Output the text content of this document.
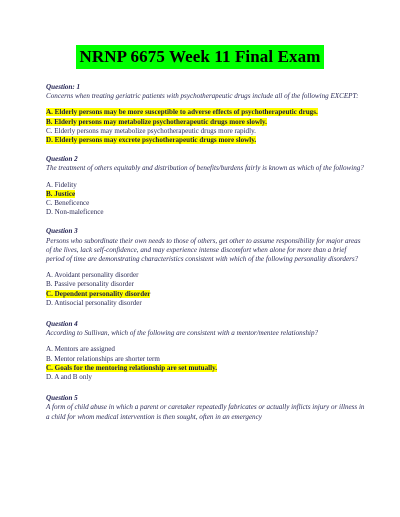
NRNP 6675 Week 11 Final Exam
Question: 1
Concerns when treating geriatric patients with psychotherapeutic drugs include all of the following EXCEPT:
A. Elderly persons may be more susceptible to adverse effects of psychotherapeutic drugs.
B. Elderly persons may metabolize psychotherapeutic drugs more slowly.
C. Elderly persons may metabolize psychotherapeutic drugs more rapidly.
D. Elderly persons may excrete psychotherapeutic drugs more slowly.
Question 2
The treatment of others equitably and distribution of benefits/burdens fairly is known as which of the following?
A. Fidelity
B. Justice
C. Beneficence
D. Non-maleficence
Question 3
Persons who subordinate their own needs to those of others, get other to assume responsibility for major areas of the lives, lack self-confidence, and may experience intense discomfort when alone for more than a brief period of time are demonstrating characteristics consistent with which of the following personality disorders?
A. Avoidant personality disorder
B. Passive personality disorder
C. Dependent personality disorder
D. Antisocial personality disorder
Question 4
According to Sullivan, which of the following are consistent with a mentor/mentee relationship?
A. Mentors are assigned
B. Mentor relationships are shorter term
C. Goals for the mentoring relationship are set mutually.
D. A and B only
Question 5
A form of child abuse in which a parent or caretaker repeatedly fabricates or actually inflicts injury or illness in a child for whom medical intervention is then sought, often in an emergency
